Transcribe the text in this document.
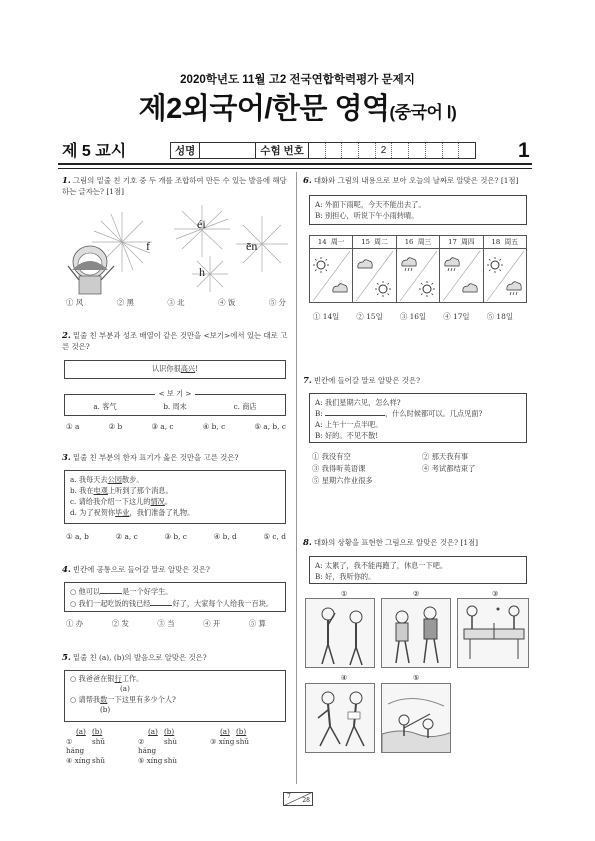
2020학년도 11월 고2 전국연합학력평가 문제지
제2외국어/한문 영역(중국어 Ⅰ)
제 5 교시	성명	수험 번호	2	1
1. 그림의 밑줄 친 기호 중 두 개를 조합하여 만든 수 있는 발음에 해당하는 글자는? [1점]
éi
f	ēn
h
① 风	② 黑	③ 北	④ 饭	⑤ 分
2. 밑줄 친 부분과 성조 배열이 같은 것만을 <보기>에서 있는 대로 고른 것은?
认识你很高兴!
< 보 기 >
a. 客气	b. 周末	c. 商店
① a	② b	③ a, c	④ b, c	⑤ a, b, c
3. 밑줄 친 부분의 한자 표기가 옳은 것만을 고른 것은?
a. 我每天去公园散步。
b. 我在电观上听到了那个消息。
c. 请给我介绍一下这儿的情况。
d. 为了祝贺你毕业，我们准备了礼物。
① a, b	② a, c	③ b, c	④ b, d	⑤ c, d
4. 빈칸에 공통으로 들어갈 말로 알맞은 것은?
○ 他可以	是一个好学生。
○ 我们一起吃饭的钱已经	好了，大家每个人给我一百块。
① 办	② 发	③ 当	④ 开	⑤ 算
5. 밑줄 친 (a), (b)의 발음으로 알맞은 것은?
○ 我爸爸在银行工作。
(a)
○ 请帮我数一下这里有多少个人?
(b)
(a) (b)	(a) (b)	(a) (b)
① háng
shǔ	② háng
shù	③ xíng shǔ
④ xíng shǔ	⑤ xíng shù
6. 대화와 그림의 내용으로 보아 오늘의 날짜로 알맞은 것은? [1점]
A: 外面下雨呢，今天不能出去了。
B: 别担心，听说下午小雨转晴。
14 周一	15 周二	16 周三	17 周四	18 周五
① 14일 ② 15일 ③ 16일 ④ 17일 ⑤ 18일
7. 빈칸에 들어갈 말로 알맞은 것은?
A: 我们星期六见，怎么样?
B:	，什么时候都可以。几点见面?
A: 上午十一点半吧。
B: 好的。不见不散!
① 我没有空	② 那天我有事
③ 我得听英语课	④ 考试都结束了
⑤ 星期六作业很多
8. 대화의 상황을 표현한 그림으로 알맞은 것은? [1점]
A: 太累了，我不能再跑了，休息一下吧。
B: 好，我听你的。
①	②	③
④	⑤
7
28
